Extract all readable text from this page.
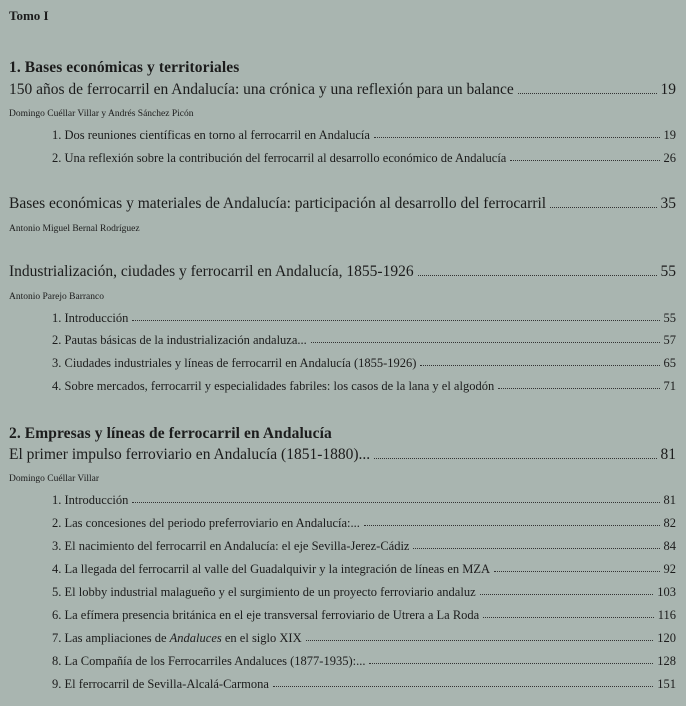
Tomo I
1. Bases económicas y territoriales
150 años de ferrocarril en Andalucía: una crónica y una reflexión para un balance	19
Domingo Cuéllar Villar y Andrés Sánchez Picón
1. Dos reuniones científicas en torno al ferrocarril en Andalucía	19
2. Una reflexión sobre la contribución del ferrocarril al desarrollo económico de Andalucía	26
Bases económicas y materiales de Andalucía: participación al desarrollo del ferrocarril	35
Antonio Miguel Bernal Rodríguez
Industrialización, ciudades y ferrocarril en Andalucía, 1855-1926	55
Antonio Parejo Barranco
1. Introducción	55
2. Pautas básicas de la industrialización andaluza...	57
3. Ciudades industriales y líneas de ferrocarril en Andalucía (1855-1926)	65
4. Sobre mercados, ferrocarril y especialidades fabriles: los casos de la lana y el algodón	71
2. Empresas y líneas de ferrocarril en Andalucía
El primer impulso ferroviario en Andalucía (1851-1880)...	81
Domingo Cuéllar Villar
1. Introducción	81
2. Las concesiones del periodo preferroviario en Andalucía:...	82
3. El nacimiento del ferrocarril en Andalucía: el eje Sevilla-Jerez-Cádiz	84
4. La llegada del ferrocarril al valle del Guadalquivir y la integración de líneas en MZA	92
5. El lobby industrial malagueño y el surgimiento de un proyecto ferroviario andaluz	103
6. La efímera presencia británica en el eje transversal ferroviario de Utrera a La Roda	116
7. Las ampliaciones de Andaluces en el siglo XIX	120
8. La Compañía de los Ferrocarriles Andaluces (1877-1935):...	128
9. El ferrocarril de Sevilla-Alcalá-Carmona	151
